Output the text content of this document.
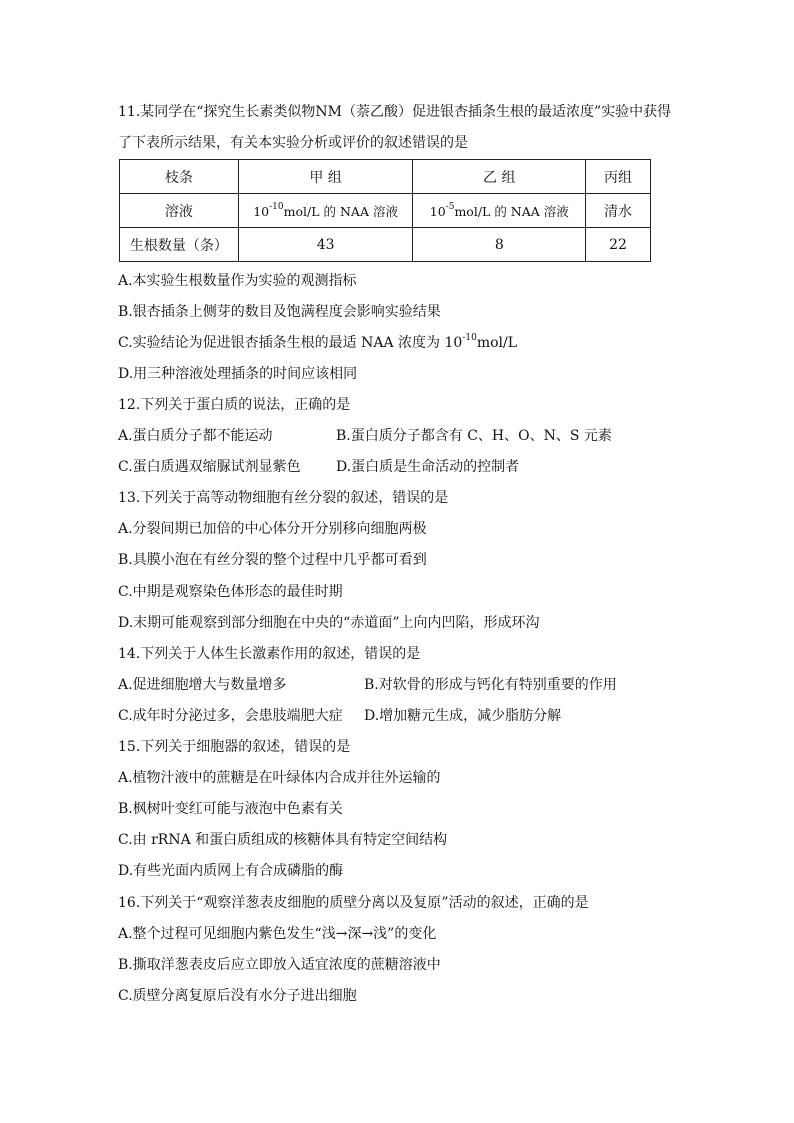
11.某同学在“探究生长素类似物NM（萘乙酸）促进银杏插条生根的最适浓度”实验中获得
了下表所示结果，有关本实验分析或评价的叙述错误的是
枝条	甲 组	乙 组	丙组
溶液	$10^{-10}mol/L$ 的 NAA 溶液	$10^{-5}mol/L$ 的 NAA 溶液	清水
生根数量（条）	43	8	22
A.本实验生根数量作为实验的观测指标
B.银杏插条上侧芽的数目及饱满程度会影响实验结果
C.实验结论为促进银杏插条生根的最适 NAA 浓度为 $10^{-10}mol/L$
D.用三种溶液处理插条的时间应该相同
12.下列关于蛋白质的说法，正确的是
A.蛋白质分子都不能运动	B.蛋白质分子都含有 C、H、O、N、S 元素
C.蛋白质遇双缩脲试剂显紫色	D.蛋白质是生命活动的控制者
13.下列关于高等动物细胞有丝分裂的叙述，错误的是
A.分裂间期已加倍的中心体分开分别移向细胞两极
B.具膜小泡在有丝分裂的整个过程中几乎都可看到
C.中期是观察染色体形态的最佳时期
D.末期可能观察到部分细胞在中央的“赤道面”上向内凹陷，形成环沟
14.下列关于人体生长激素作用的叙述，错误的是
A.促进细胞增大与数量增多	B.对软骨的形成与钙化有特别重要的作用
C.成年时分泌过多，会患肢端肥大症 D.增加糖元生成，减少脂肪分解
15.下列关于细胞器的叙述，错误的是
A.植物汁液中的蔗糖是在叶绿体内合成并往外运输的
B.枫树叶变红可能与液泡中色素有关
C.由 rRNA 和蛋白质组成的核糖体具有特定空间结构
D.有些光面内质网上有合成磷脂的酶
16.下列关于“观察洋葱表皮细胞的质壁分离以及复原”活动的叙述，正确的是
A.整个过程可见细胞内紫色发生“浅→深→浅”的变化
B.撕取洋葱表皮后应立即放入适宜浓度的蔗糖溶液中
C.质壁分离复原后没有水分子进出细胞
